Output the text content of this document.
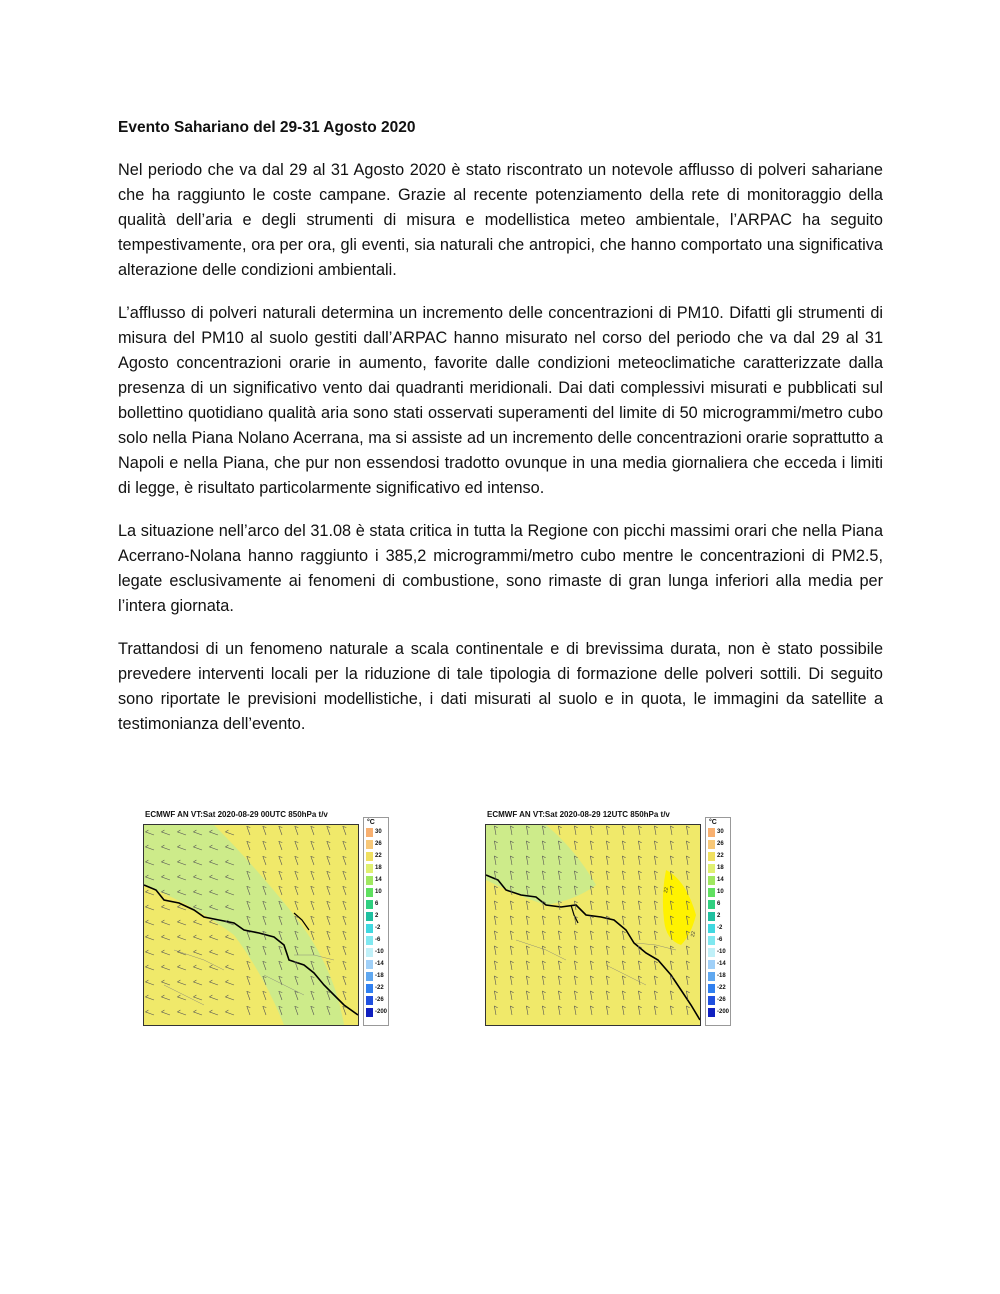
Evento Sahariano del 29-31 Agosto 2020

Nel periodo che va dal 29 al 31 Agosto 2020 è stato riscontrato un notevole afflusso di polveri sahariane che ha raggiunto le coste campane. Grazie al recente potenziamento della rete di monitoraggio della qualità dell’aria e degli strumenti di misura e modellistica meteo ambientale, l’ARPAC ha seguito tempestivamente, ora per ora, gli eventi, sia naturali che antropici, che hanno comportato una significativa alterazione delle condizioni ambientali.

L’afflusso di polveri naturali determina un incremento delle concentrazioni di PM10. Difatti gli strumenti di misura del PM10 al suolo gestiti dall’ARPAC hanno misurato nel corso del periodo che va dal 29 al 31 Agosto concentrazioni orarie in aumento, favorite dalle condizioni meteoclimatiche caratterizzate dalla presenza di un significativo vento dai quadranti meridionali. Dai dati complessivi misurati e pubblicati sul bollettino quotidiano qualità aria sono stati osservati superamenti del limite di 50 microgrammi/metro cubo solo nella Piana Nolano Acerrana, ma si assiste ad un incremento delle concentrazioni orarie soprattutto a Napoli e nella Piana, che pur non essendosi tradotto ovunque in una media giornaliera che ecceda i limiti di legge, è risultato particolarmente significativo ed intenso.

La situazione nell’arco del 31.08 è stata critica in tutta la Regione con picchi massimi orari che nella Piana Acerrano-Nolana hanno raggiunto i 385,2 microgrammi/metro cubo mentre le concentrazioni di PM2.5, legate esclusivamente ai fenomeni di combustione, sono rimaste di gran lunga inferiori alla media per l’intera giornata.

Trattandosi di un fenomeno naturale a scala continentale e di brevissima durata, non è stato possibile prevedere interventi locali per la riduzione di tale tipologia di formazione delle polveri sottili. Di seguito sono riportate le previsioni modellistiche, i dati misurati al suolo e in quota, le immagini da satellite a testimonianza dell’evento.

ECMWF AN VT:Sat 2020-08-29 00UTC 850hPa t/v
°C
30
26
22
18
14
10
6
2
-2
-6
-10
-14
-18
-22
-26
-200
ECMWF AN VT:Sat 2020-08-29 12UTC 850hPa t/v
22
22
°C
30
26
22
18
14
10
6
2
-2
-6
-10
-14
-18
-22
-26
-200
